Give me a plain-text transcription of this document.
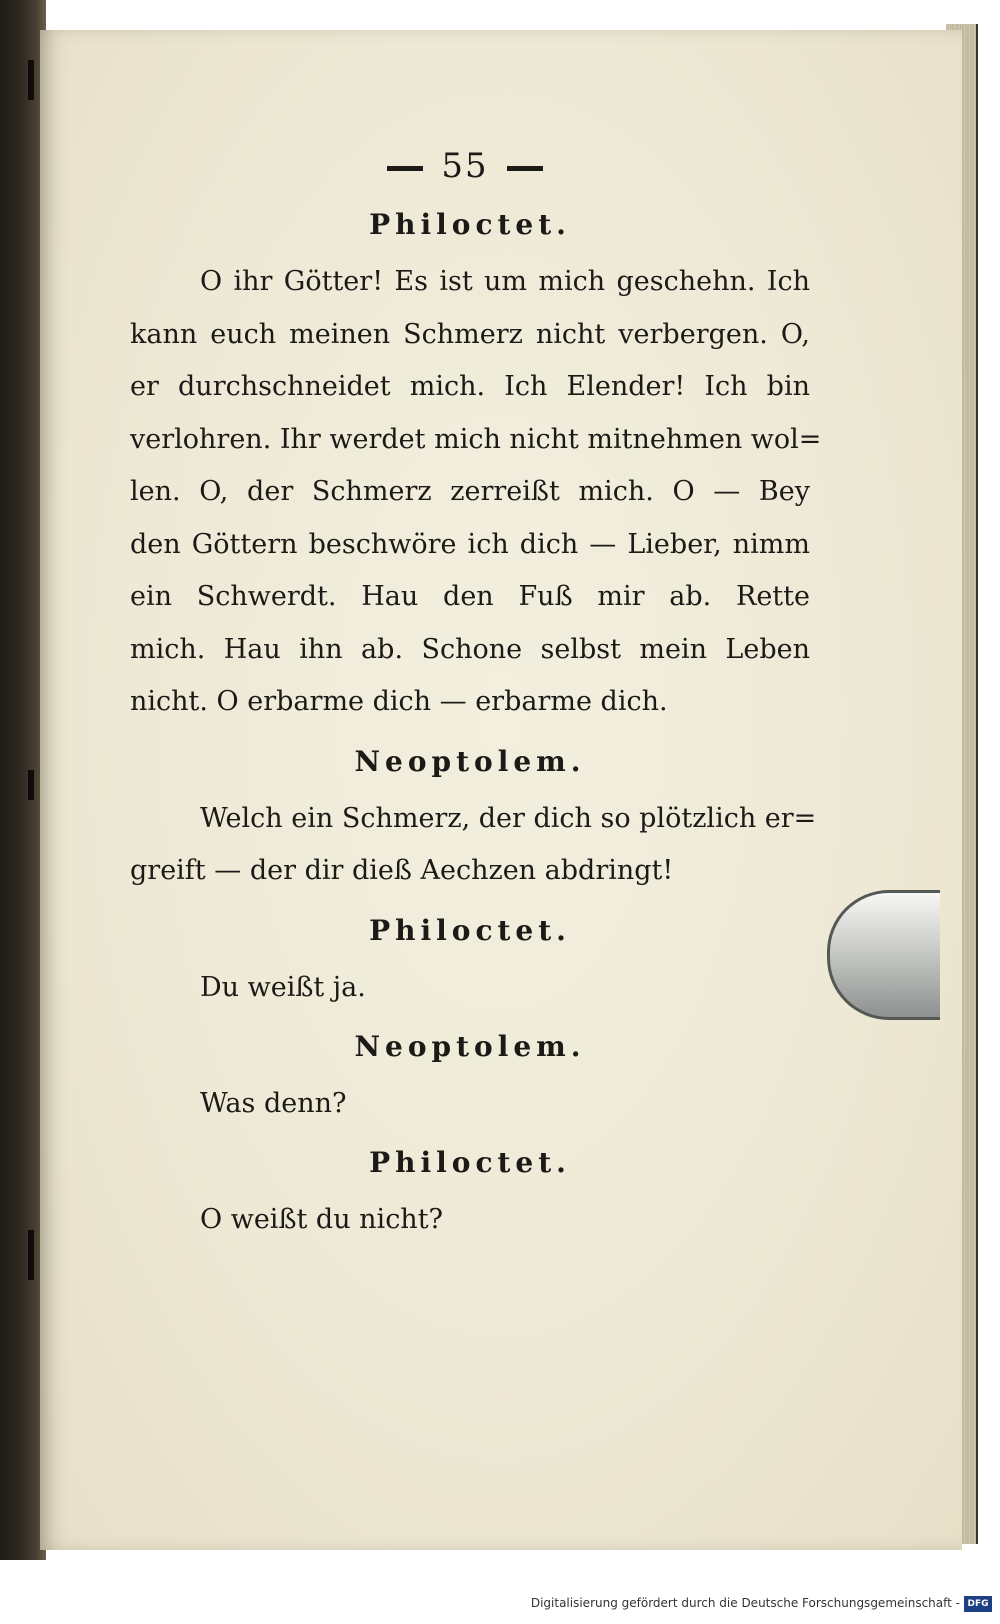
55
Philoctet.
O ihr Götter! Es ist um mich geschehn. Ich
kann euch meinen Schmerz nicht verbergen. O,
er durchschneidet mich. Ich Elender! Ich bin
verlohren. Ihr werdet mich nicht mitnehmen wol=
len. O, der Schmerz zerreißt mich. O — Bey
den Göttern beschwöre ich dich — Lieber, nimm
ein Schwerdt. Hau den Fuß mir ab. Rette
mich. Hau ihn ab. Schone selbst mein Leben
nicht. O erbarme dich — erbarme dich.
Neoptolem.
Welch ein Schmerz, der dich so plötzlich er=
greift — der dir dieß Aechzen abdringt!
Philoctet.
Du weißt ja.
Neoptolem.
Was denn?
Philoctet.
O weißt du nicht?
Digitalisierung gefördert durch die Deutsche Forschungsgemeinschaft - DFG
